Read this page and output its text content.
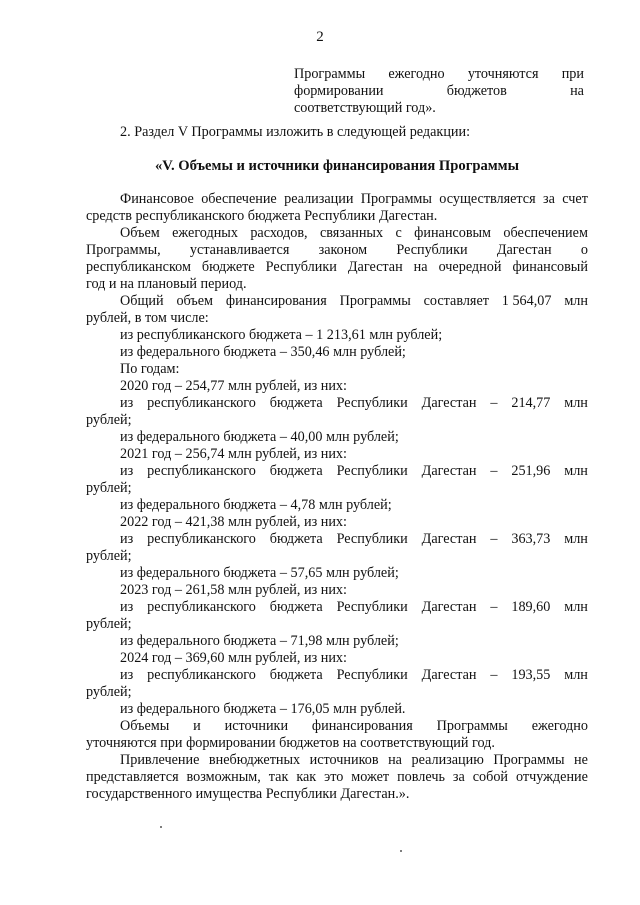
2
Программы ежегодно уточняются при
формировании	бюджетов	на
соответствующий год».
2. Раздел V Программы изложить в следующей редакции:
«V. Объемы и источники финансирования Программы
Финансовое обеспечение реализации Программы осуществляется за счет
средств республиканского бюджета Республики Дагестан.
Объем ежегодных расходов, связанных с финансовым обеспечением
Программы, устанавливается законом Республики Дагестан о
республиканском бюджете Республики Дагестан на очередной финансовый
год и на плановый период.
Общий объем финансирования Программы составляет 1 564,07 млн
рублей, в том числе:
из республиканского бюджета – 1 213,61 млн рублей;
из федерального бюджета – 350,46 млн рублей;
По годам:
2020 год – 254,77 млн рублей, из них:
из республиканского бюджета Республики Дагестан – 214,77 млн
рублей;
из федерального бюджета – 40,00 млн рублей;
2021 год – 256,74 млн рублей, из них:
из республиканского бюджета Республики Дагестан – 251,96 млн
рублей;
из федерального бюджета – 4,78 млн рублей;
2022 год – 421,38 млн рублей, из них:
из республиканского бюджета Республики Дагестан – 363,73 млн
рублей;
из федерального бюджета – 57,65 млн рублей;
2023 год – 261,58 млн рублей, из них:
из республиканского бюджета Республики Дагестан – 189,60 млн
рублей;
из федерального бюджета – 71,98 млн рублей;
2024 год – 369,60 млн рублей, из них:
из республиканского бюджета Республики Дагестан – 193,55 млн
рублей;
из федерального бюджета – 176,05 млн рублей.
Объемы и источники финансирования Программы ежегодно
уточняются при формировании бюджетов на соответствующий год.
Привлечение внебюджетных источников на реализацию Программы не
представляется возможным, так как это может повлечь за собой отчуждение
государственного имущества Республики Дагестан.».
